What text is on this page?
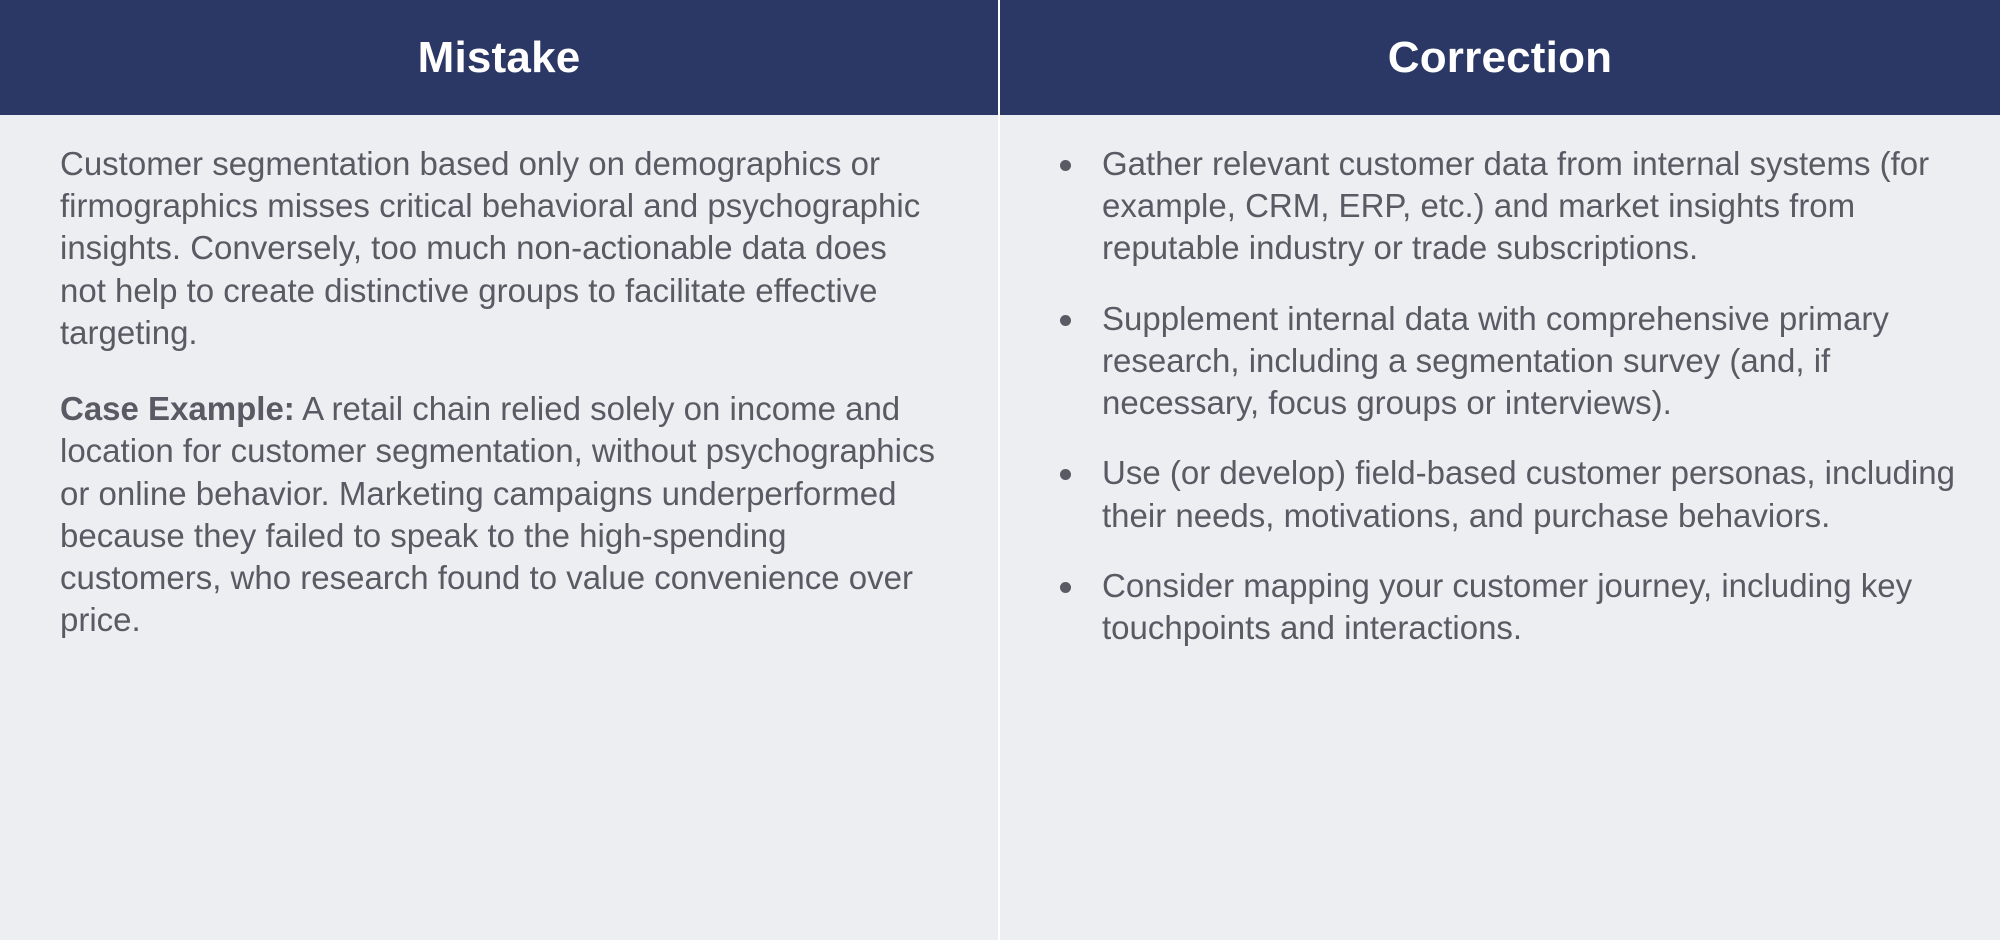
Mistake	Correction

Customer segmentation based only on demographics or firmographics misses critical behavioral and psychographic insights. Conversely, too much non-actionable data does not help to create distinctive groups to facilitate effective targeting.

Case Example: A retail chain relied solely on income and location for customer segmentation, without psychographics or online behavior. Marketing campaigns underperformed because they failed to speak to the high-spending customers, who research found to value convenience over price.

Gather relevant customer data from internal systems (for example, CRM, ERP, etc.) and market insights from reputable industry or trade subscriptions.
Supplement internal data with comprehensive primary research, including a segmentation survey (and, if necessary, focus groups or interviews).
Use (or develop) field-based customer personas, including their needs, motivations, and purchase behaviors.
Consider mapping your customer journey, including key touchpoints and interactions.
